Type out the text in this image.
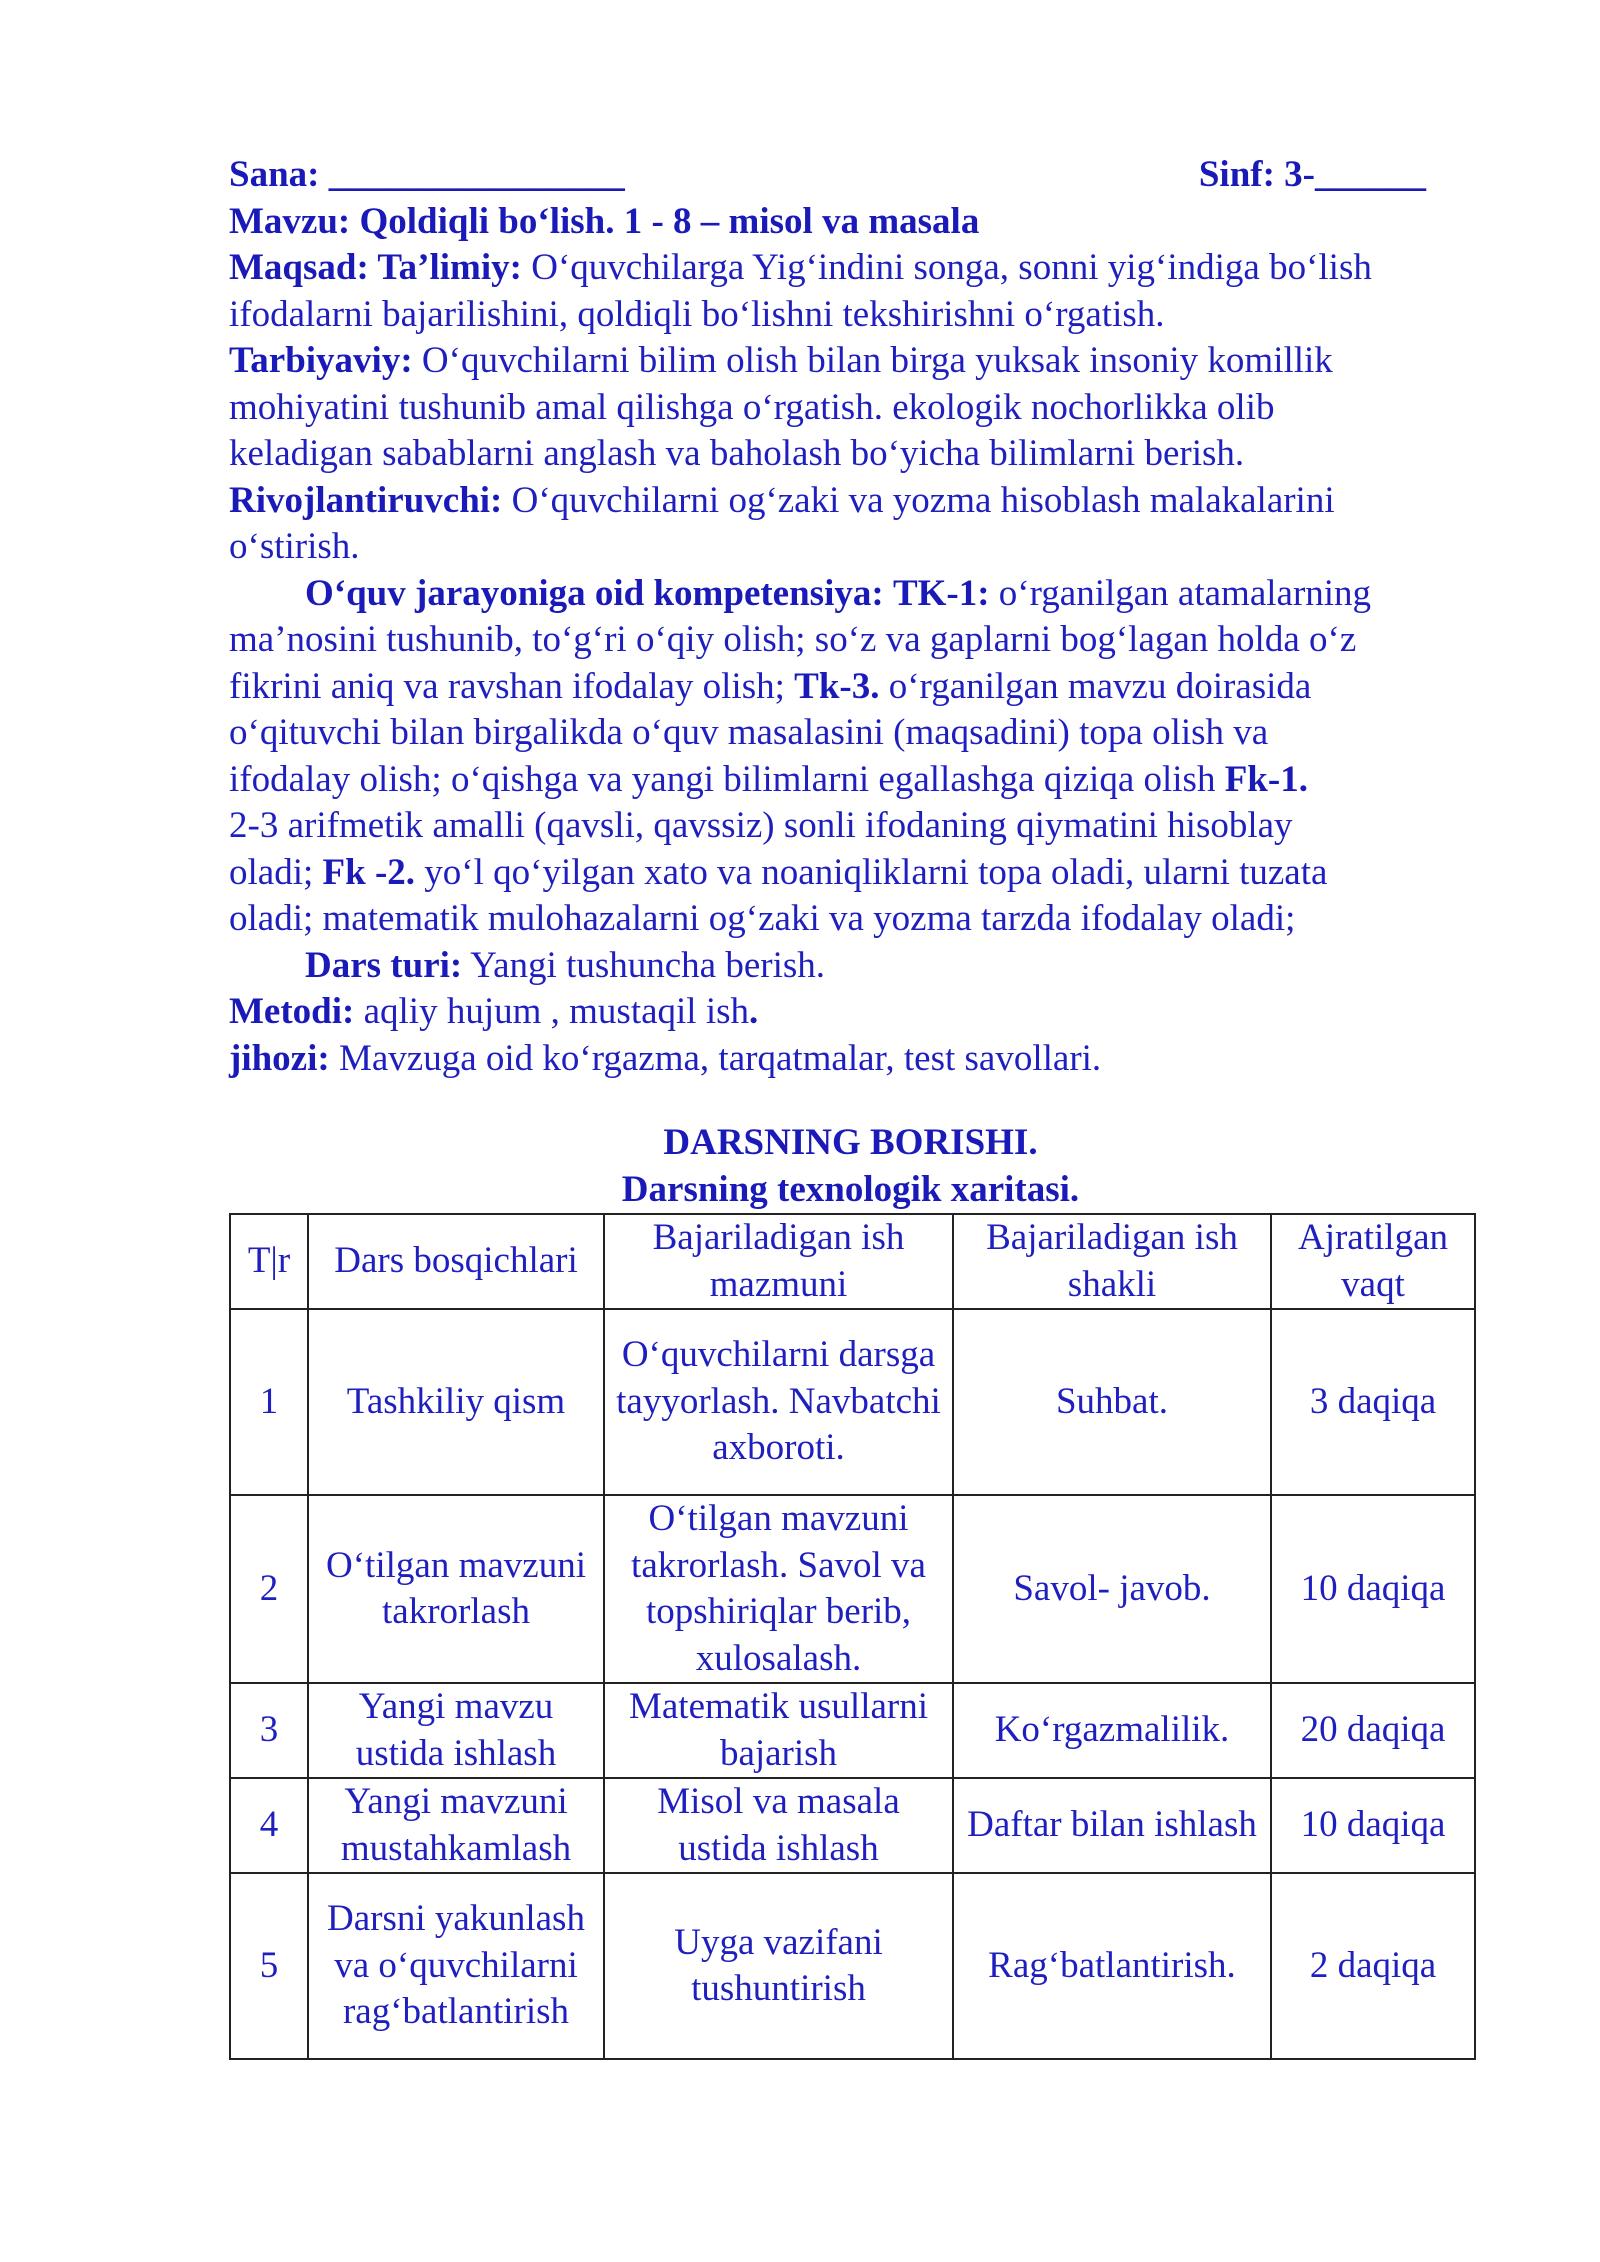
Sana: ________________	Sinf: 3-______
Mavzu: Qoldiqli bo‘lish. 1 - 8 – misol va masala
Maqsad: Ta’limiy: O‘quvchilarga Yig‘indini songa, sonni yig‘indiga bo‘lish
ifodalarni bajarilishini, qoldiqli bo‘lishni tekshirishni o‘rgatish.
Tarbiyaviy: O‘quvchilarni bilim olish bilan birga yuksak insoniy komillik
mohiyatini tushunib amal qilishga o‘rgatish. ekologik nochorlikka olib
keladigan sabablarni anglash va baholash bo‘yicha bilimlarni berish.
Rivojlantiruvchi: O‘quvchilarni og‘zaki va yozma hisoblash malakalarini
o‘stirish.
O‘quv jarayoniga oid kompetensiya: TK-1: o‘rganilgan atamalarning
ma’nosini tushunib, to‘g‘ri o‘qiy olish; so‘z va gaplarni bog‘lagan holda o‘z
fikrini aniq va ravshan ifodalay olish; Tk-3. o‘rganilgan mavzu doirasida
o‘qituvchi bilan birgalikda o‘quv masalasini (maqsadini) topa olish va
ifodalay olish; o‘qishga va yangi bilimlarni egallashga qiziqa olish Fk-1.
2-3 arifmetik amalli (qavsli, qavssiz) sonli ifodaning qiymatini hisoblay
oladi; Fk -2. yo‘l qo‘yilgan xato va noaniqliklarni topa oladi, ularni tuzata
oladi; matematik mulohazalarni og‘zaki va yozma tarzda ifodalay oladi;
Dars turi: Yangi tushuncha berish.
Metodi: aqliy hujum , mustaqil ish.
jihozi: Mavzuga oid ko‘rgazma, tarqatmalar, test savollari.
DARSNING BORISHI.
Darsning texnologik xaritasi.
T|r	Dars bosqichlari	Bajariladigan ish mazmuni	Bajariladigan ish shakli	Ajratilgan vaqt
1	Tashkiliy qism	O‘quvchilarni darsga tayyorlash. Navbatchi axboroti.	Suhbat.	3 daqiqa
2	O‘tilgan mavzuni takrorlash	O‘tilgan mavzuni takrorlash. Savol va topshiriqlar berib, xulosalash.	Savol- javob.	10 daqiqa
3	Yangi mavzu ustida ishlash	Matematik usullarni bajarish	Ko‘rgazmalilik.	20 daqiqa
4	Yangi mavzuni mustahkamlash	Misol va masala ustida ishlash	Daftar bilan ishlash	10 daqiqa
5	Darsni yakunlash va o‘quvchilarni rag‘batlantirish	Uyga vazifani tushuntirish	Rag‘batlantirish.	2 daqiqa
